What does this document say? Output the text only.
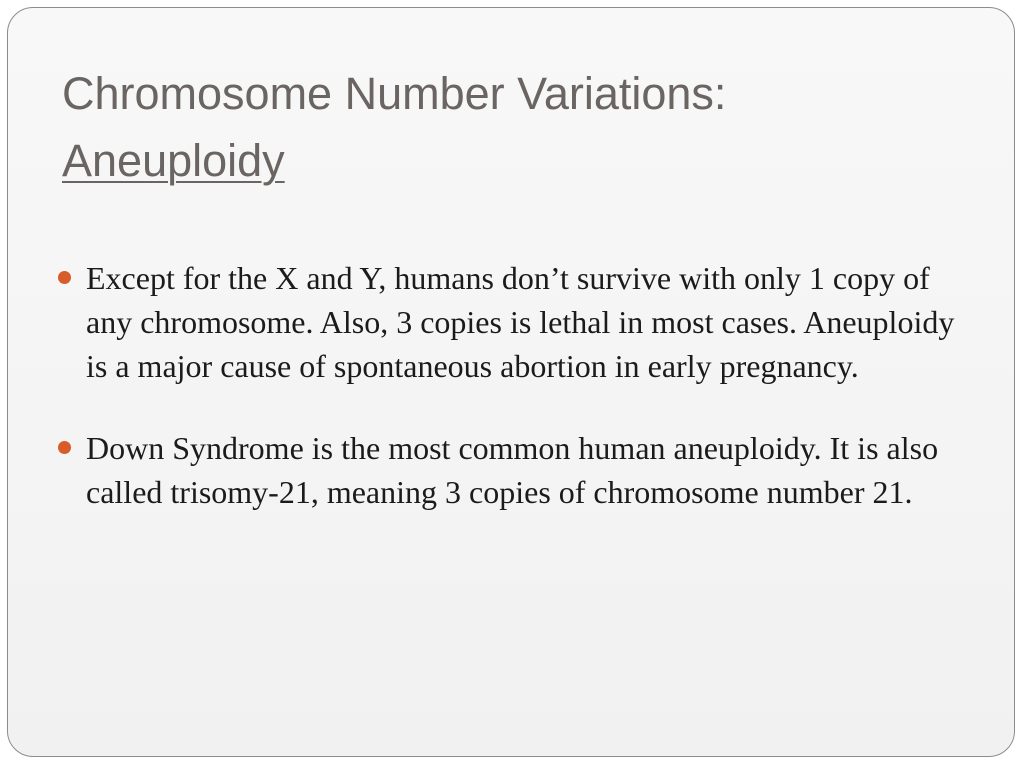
Chromosome Number Variations:
Aneuploidy
Except for the X and Y, humans don’t survive with only 1 copy of any chromosome. Also, 3 copies is lethal in most cases. Aneuploidy is a major cause of spontaneous abortion in early pregnancy.
Down Syndrome is the most common human aneuploidy. It is also called trisomy-21, meaning 3 copies of chromosome number 21.
